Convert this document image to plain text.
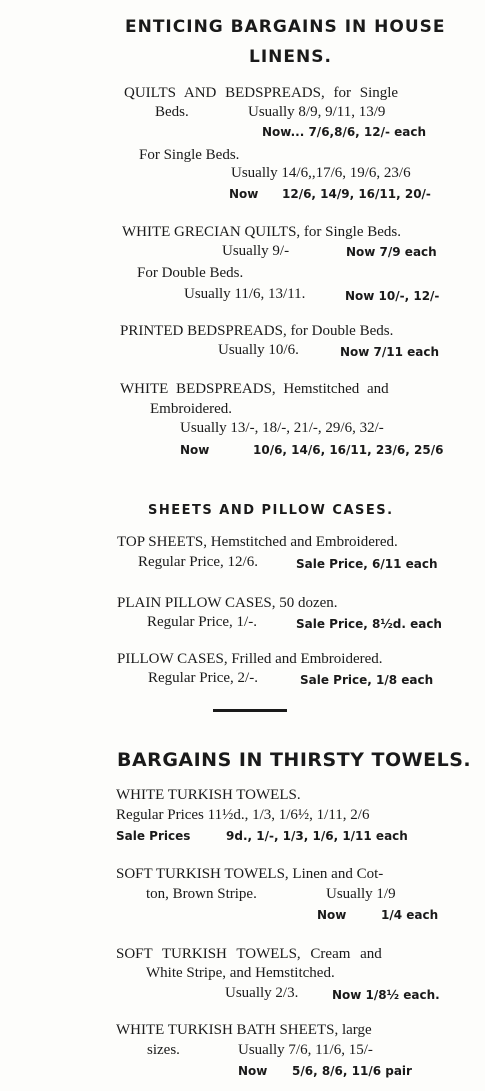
ENTICING BARGAINS IN HOUSE
LINENS.
QUILTS AND BEDSPREADS, for Single
Beds.	Usually 8/9, 9/11, 13/9
Now... 7/6,8/6, 12/- each
For Single Beds.
Usually 14/6,,17/6, 19/6, 23/6
Now 12/6, 14/9, 16/11, 20/-
WHITE GRECIAN QUILTS, for Single Beds.
Usually 9/-	Now 7/9 each
For Double Beds.
Usually 11/6, 13/11.	Now 10/-, 12/-
PRINTED BEDSPREADS, for Double Beds.
Usually 10/6.	Now 7/11 each
WHITE BEDSPREADS, Hemstitched and
Embroidered.
Usually 13/-, 18/-, 21/-, 29/6, 32/-
Now	10/6, 14/6, 16/11, 23/6, 25/6
SHEETS AND PILLOW CASES.
TOP SHEETS, Hemstitched and Embroidered.
Regular Price, 12/6.	Sale Price, 6/11 each
PLAIN PILLOW CASES, 50 dozen.
Regular Price, 1/-.	Sale Price, 8½d. each
PILLOW CASES, Frilled and Embroidered.
Regular Price, 2/-.	Sale Price, 1/8 each
BARGAINS IN THIRSTY TOWELS.
WHITE TURKISH TOWELS.
Regular Prices 11½d., 1/3, 1/6½, 1/11, 2/6
Sale Prices	9d., 1/-, 1/3, 1/6, 1/11 each
SOFT TURKISH TOWELS, Linen and Cot-
ton, Brown Stripe.	Usually 1/9
Now	1/4 each
SOFT TURKISH TOWELS, Cream and
White Stripe, and Hemstitched.
Usually 2/3.	Now 1/8½ each.
WHITE TURKISH BATH SHEETS, large
sizes.	Usually 7/6, 11/6, 15/-
Now 5/6, 8/6, 11/6 pair
